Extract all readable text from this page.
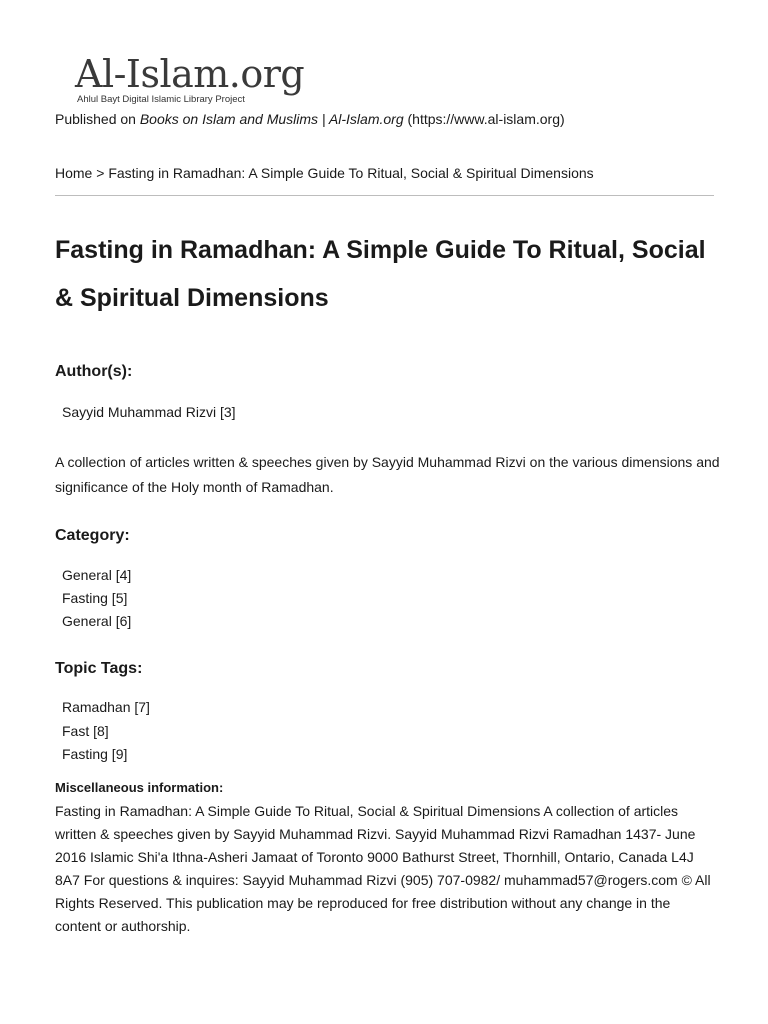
Al-Islam.org
Ahlul Bayt Digital Islamic Library Project
Published on Books on Islam and Muslims | Al-Islam.org (https://www.al-islam.org)
Home > Fasting in Ramadhan: A Simple Guide To Ritual, Social & Spiritual Dimensions
Fasting in Ramadhan: A Simple Guide To Ritual, Social & Spiritual Dimensions
Author(s):
Sayyid Muhammad Rizvi [3]

A collection of articles written & speeches given by Sayyid Muhammad Rizvi on the various dimensions and significance of the Holy month of Ramadhan.

Category:
General [4]
Fasting [5]
General [6]
Topic Tags:
Ramadhan [7]
Fast [8]
Fasting [9]
Miscellaneous information:

Fasting in Ramadhan: A Simple Guide To Ritual, Social & Spiritual Dimensions A collection of articles written & speeches given by Sayyid Muhammad Rizvi. Sayyid Muhammad Rizvi Ramadhan 1437- June 2016 Islamic Shi'a Ithna-Asheri Jamaat of Toronto 9000 Bathurst Street, Thornhill, Ontario, Canada L4J 8A7 For questions & inquires: Sayyid Muhammad Rizvi (905) 707-0982/ muhammad57@rogers.com © All Rights Reserved. This publication may be reproduced for free distribution without any change in the content or authorship.
